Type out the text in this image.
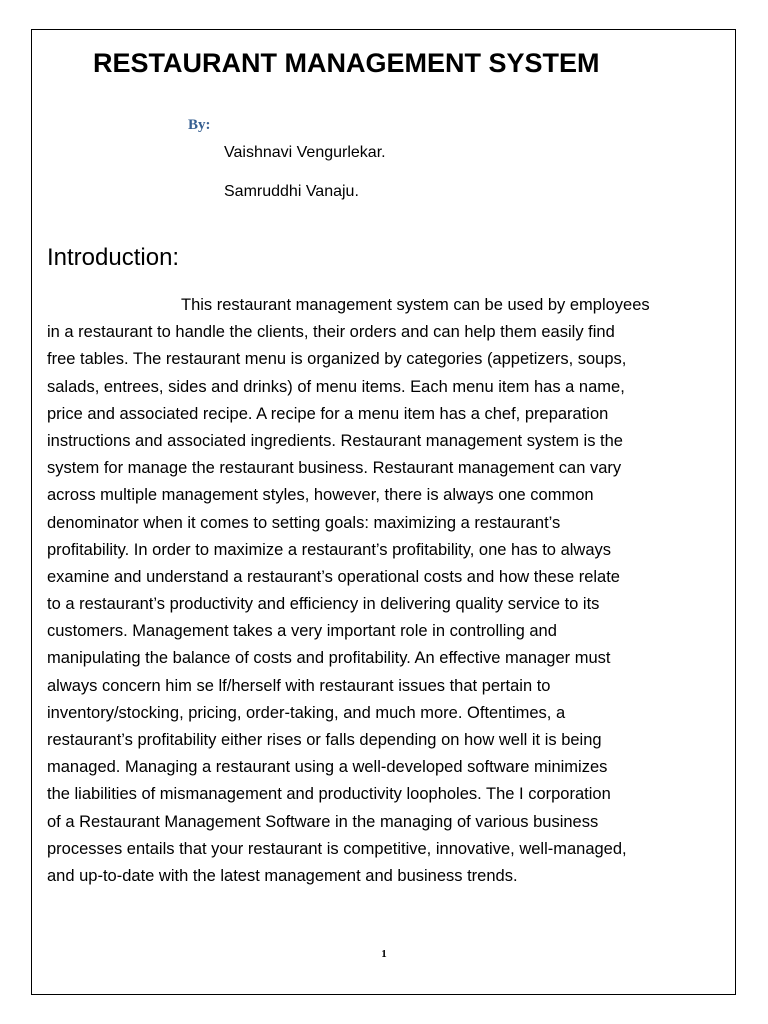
RESTAURANT MANAGEMENT SYSTEM
By:
Vaishnavi Vengurlekar.
Samruddhi Vanaju.
Introduction:
This restaurant management system can be used by employees
in a restaurant to handle the clients, their orders and can help them easily find
free tables. The restaurant menu is organized by categories (appetizers, soups,
salads, entrees, sides and drinks) of menu items. Each menu item has a name,
price and associated recipe. A recipe for a menu item has a chef, preparation
instructions and associated ingredients. Restaurant management system is the
system for manage the restaurant business. Restaurant management can vary
across multiple management styles, however, there is always one common
denominator when it comes to setting goals: maximizing a restaurant’s
profitability. In order to maximize a restaurant’s profitability, one has to always
examine and understand a restaurant’s operational costs and how these relate
to a restaurant’s productivity and efficiency in delivering quality service to its
customers. Management takes a very important role in controlling and
manipulating the balance of costs and profitability. An effective manager must
always concern him se lf/herself with restaurant issues that pertain to
inventory/stocking, pricing, order-taking, and much more. Oftentimes, a
restaurant’s profitability either rises or falls depending on how well it is being
managed. Managing a restaurant using a well-developed software minimizes
the liabilities of mismanagement and productivity loopholes. The I corporation
of a Restaurant Management Software in the managing of various business
processes entails that your restaurant is competitive, innovative, well-managed,
and up-to-date with the latest management and business trends.
1
